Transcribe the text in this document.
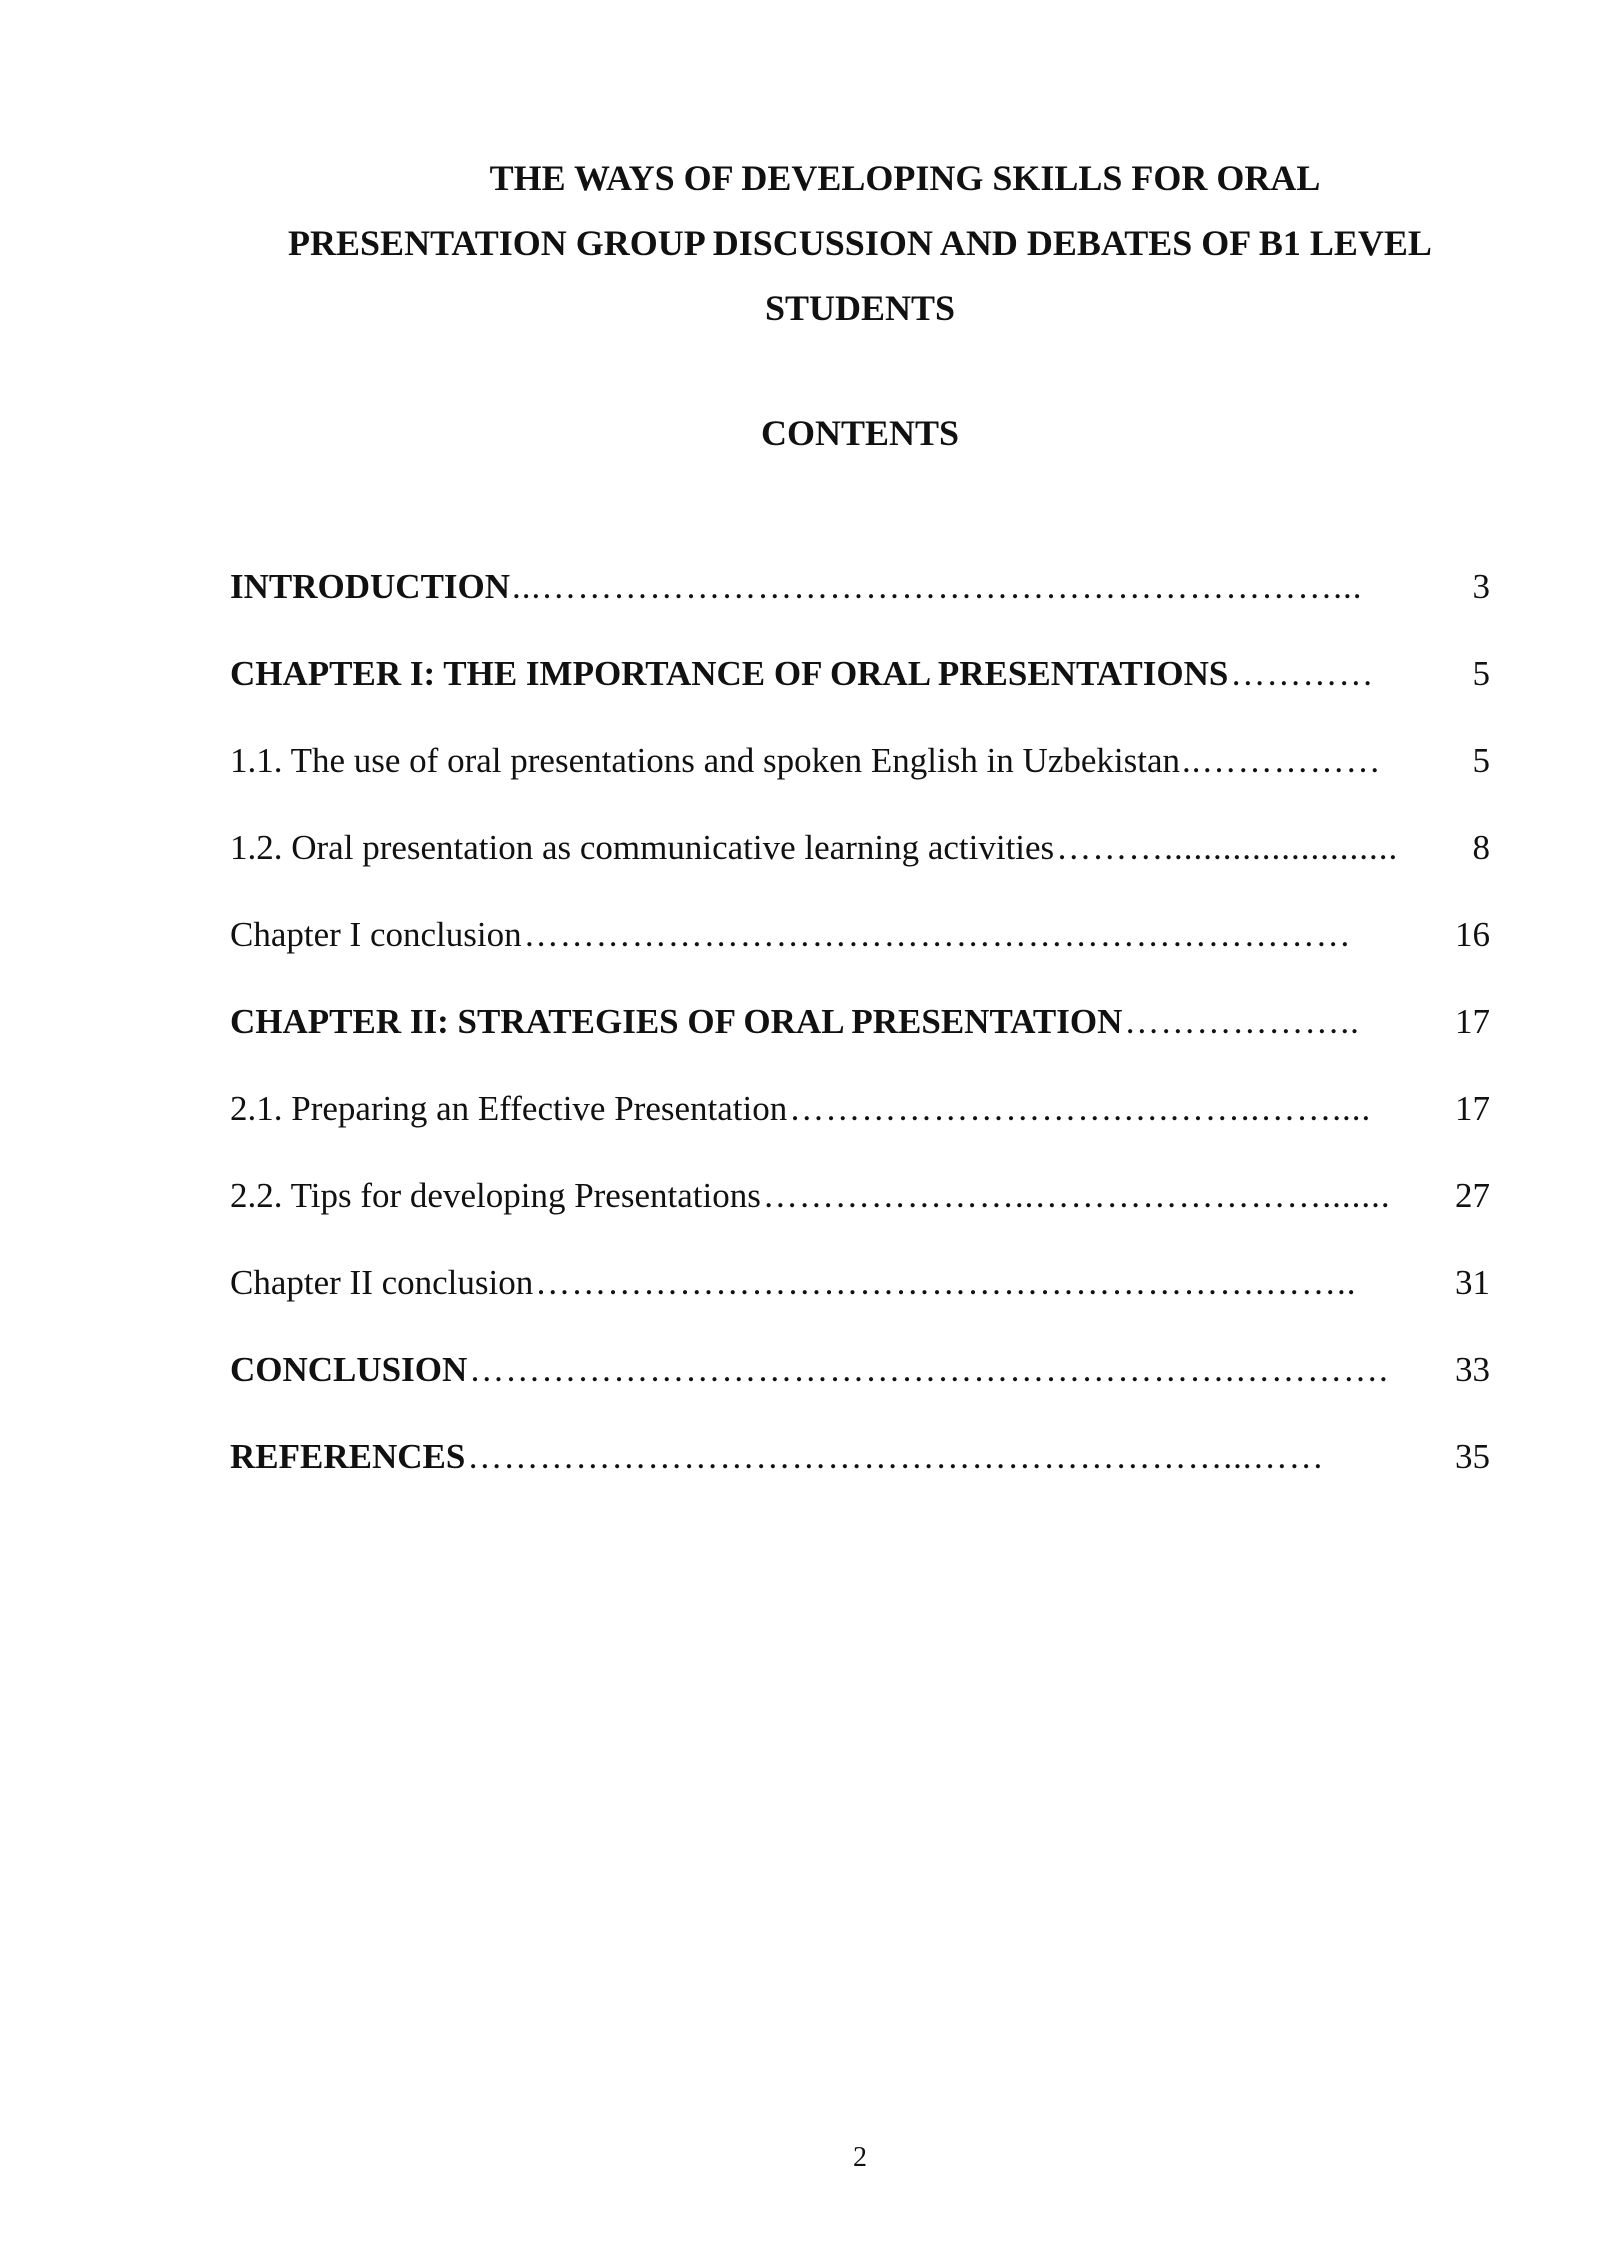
THE WAYS OF DEVELOPING SKILLS FOR ORAL
PRESENTATION GROUP DISCUSSION AND DEBATES OF B1 LEVEL
STUDENTS
CONTENTS
INTRODUCTION ...…………………………………………………………...	3
CHAPTER I: THE IMPORTANCE OF ORAL PRESENTATIONS …………	5
1.1. The use of oral presentations and spoken English in Uzbekistan ..……………	5
1.2. Oral presentation as communicative learning activities ………........................	8
Chapter I conclusion ……………………………………………………………	16
CHAPTER II: STRATEGIES OF ORAL PRESENTATION ………………..	17
2.1. Preparing an Effective Presentation ……………………….….……..……....	17
2.2. Tips for developing Presentations …………………..…………………….......	27
Chapter II conclusion …………………………………………………….……..	31
CONCLUSION ……………………………………………………….………….	33
REFERENCES ………………………………………………………...……	35
2
